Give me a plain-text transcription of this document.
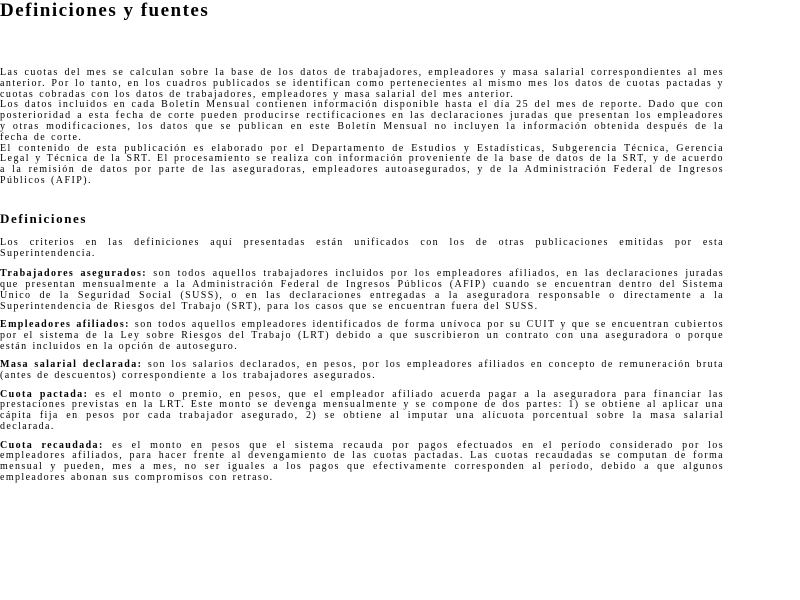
Definiciones y fuentes

Las cuotas del mes se calculan sobre la base de los datos de trabajadores, empleadores y masa salarial correspondientes al mes anterior. Por lo tanto, en los cuadros publicados se identifican como pertenecientes al mismo mes los datos de cuotas pactadas y cuotas cobradas con los datos de trabajadores, empleadores y masa salarial del mes anterior.

Los datos incluidos en cada Boletín Mensual contienen información disponible hasta el día 25 del mes de reporte. Dado que con posterioridad a esta fecha de corte pueden producirse rectificaciones en las declaraciones juradas que presentan los empleadores y otras modificaciones, los datos que se publican en este Boletín Mensual no incluyen la información obtenida después de la fecha de corte.

El contenido de esta publicación es elaborado por el Departamento de Estudios y Estadísticas, Subgerencia Técnica, Gerencia Legal y Técnica de la SRT. El procesamiento se realiza con información proveniente de la base de datos de la SRT, y de acuerdo a la remisión de datos por parte de las aseguradoras, empleadores autoasegurados, y de la Administración Federal de Ingresos Públicos (AFIP).

Definiciones

Los criterios en las definiciones aquí presentadas están unificados con los de otras publicaciones emitidas por esta Superintendencia.

Trabajadores asegurados: son todos aquellos trabajadores incluidos por los empleadores afiliados, en las declaraciones juradas que presentan mensualmente a la Administración Federal de Ingresos Públicos (AFIP) cuando se encuentran dentro del Sistema Único de la Seguridad Social (SUSS), o en las declaraciones entregadas a la aseguradora responsable o directamente a la Superintendencia de Riesgos del Trabajo (SRT), para los casos que se encuentran fuera del SUSS.

Empleadores afiliados: son todos aquellos empleadores identificados de forma unívoca por su CUIT y que se encuentran cubiertos por el sistema de la Ley sobre Riesgos del Trabajo (LRT) debido a que suscribieron un contrato con una aseguradora o porque están incluidos en la opción de autoseguro.

Masa salarial declarada: son los salarios declarados, en pesos, por los empleadores afiliados en concepto de remuneración bruta (antes de descuentos) correspondiente a los trabajadores asegurados.

Cuota pactada: es el monto o premio, en pesos, que el empleador afiliado acuerda pagar a la aseguradora para financiar las prestaciones previstas en la LRT. Este monto se devenga mensualmente y se compone de dos partes: 1) se obtiene al aplicar una cápita fija en pesos por cada trabajador asegurado, 2) se obtiene al imputar una alícuota porcentual sobre la masa salarial declarada.

Cuota recaudada: es el monto en pesos que el sistema recauda por pagos efectuados en el período considerado por los empleadores afiliados, para hacer frente al devengamiento de las cuotas pactadas. Las cuotas recaudadas se computan de forma mensual y pueden, mes a mes, no ser iguales a los pagos que efectivamente corresponden al período, debido a que algunos empleadores abonan sus compromisos con retraso.
